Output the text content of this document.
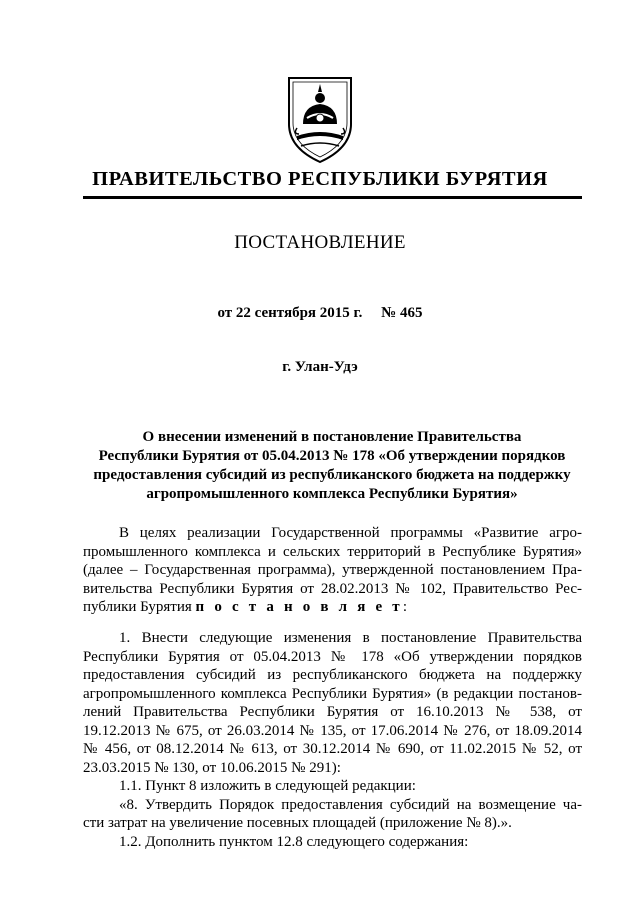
ПРАВИТЕЛЬСТВО РЕСПУБЛИКИ БУРЯТИЯ
ПОСТАНОВЛЕНИЕ
от 22 сентября 2015 г. № 465
г. Улан-Удэ
О внесении изменений в постановление Правительства
Республики Бурятия от 05.04.2013 № 178 «Об утверждении порядков
предоставления субсидий из республиканского бюджета на поддержку
агропромышленного комплекса Республики Бурятия»
В целях реализации Государственной программы «Развитие агро-
промышленного комплекса и сельских территорий в Республике Бурятия»
(далее – Государственная программа), утвержденной постановлением Пра-
вительства Республики Бурятия от 28.02.2013 № 102, Правительство Рес-
публики Бурятия п о с т а н о в л я е т:
1. Внести следующие изменения в постановление Правительства
Республики Бурятия от 05.04.2013 № 178 «Об утверждении порядков
предоставления субсидий из республиканского бюджета на поддержку
агропромышленного комплекса Республики Бурятия» (в редакции постанов-
лений Правительства Республики Бурятия от 16.10.2013 № 538, от
19.12.2013 № 675, от 26.03.2014 № 135, от 17.06.2014 № 276, от 18.09.2014
№ 456, от 08.12.2014 № 613, от 30.12.2014 № 690, от 11.02.2015 № 52, от
23.03.2015 № 130, от 10.06.2015 № 291):
1.1. Пункт 8 изложить в следующей редакции:
«8. Утвердить Порядок предоставления субсидий на возмещение ча-
сти затрат на увеличение посевных площадей (приложение № 8).».
1.2. Дополнить пунктом 12.8 следующего содержания:
